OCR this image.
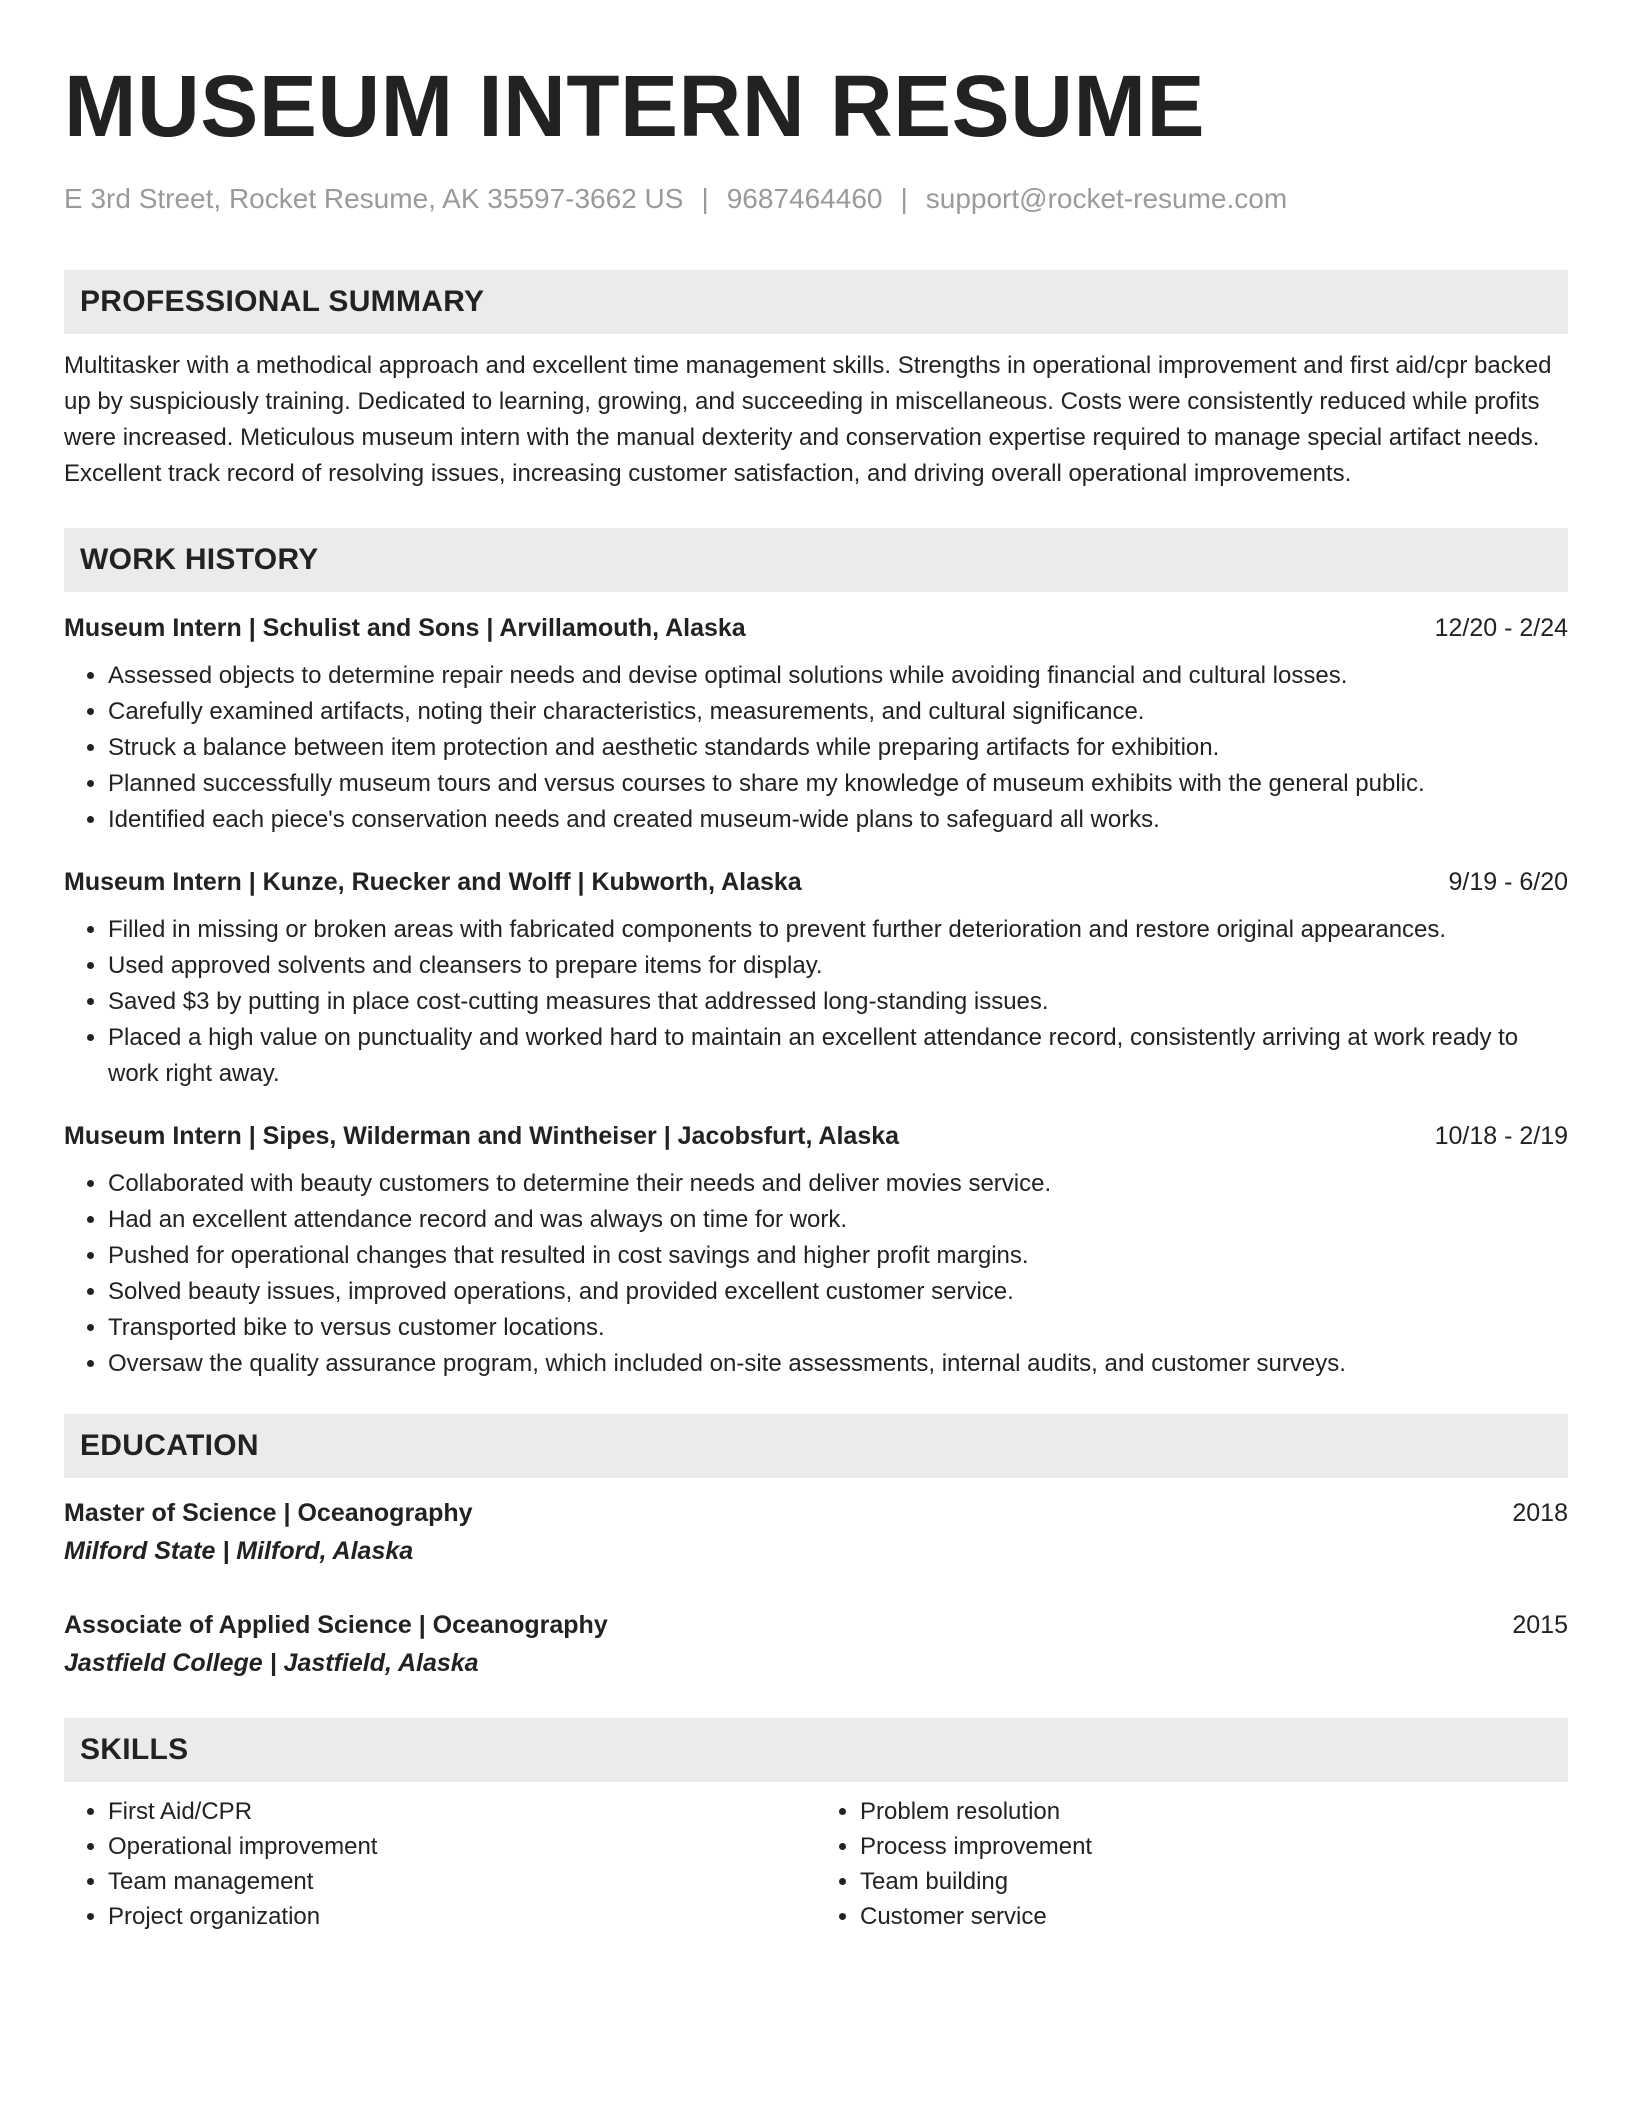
MUSEUM INTERN RESUME
E 3rd Street, Rocket Resume, AK 35597-3662 US | 9687464460 | support@rocket-resume.com
PROFESSIONAL SUMMARY
Multitasker with a methodical approach and excellent time management skills. Strengths in operational improvement and first aid/cpr backed up by suspiciously training. Dedicated to learning, growing, and succeeding in miscellaneous. Costs were consistently reduced while profits were increased. Meticulous museum intern with the manual dexterity and conservation expertise required to manage special artifact needs. Excellent track record of resolving issues, increasing customer satisfaction, and driving overall operational improvements.
WORK HISTORY
Museum Intern | Schulist and Sons | Arvillamouth, Alaska	12/20 - 2/24
• Assessed objects to determine repair needs and devise optimal solutions while avoiding financial and cultural losses.
• Carefully examined artifacts, noting their characteristics, measurements, and cultural significance.
• Struck a balance between item protection and aesthetic standards while preparing artifacts for exhibition.
• Planned successfully museum tours and versus courses to share my knowledge of museum exhibits with the general public.
• Identified each piece's conservation needs and created museum-wide plans to safeguard all works.
Museum Intern | Kunze, Ruecker and Wolff | Kubworth, Alaska	9/19 - 6/20
• Filled in missing or broken areas with fabricated components to prevent further deterioration and restore original appearances.
• Used approved solvents and cleansers to prepare items for display.
• Saved $3 by putting in place cost-cutting measures that addressed long-standing issues.
• Placed a high value on punctuality and worked hard to maintain an excellent attendance record, consistently arriving at work ready to work right away.
Museum Intern | Sipes, Wilderman and Wintheiser | Jacobsfurt, Alaska	10/18 - 2/19
• Collaborated with beauty customers to determine their needs and deliver movies service.
• Had an excellent attendance record and was always on time for work.
• Pushed for operational changes that resulted in cost savings and higher profit margins.
• Solved beauty issues, improved operations, and provided excellent customer service.
• Transported bike to versus customer locations.
• Oversaw the quality assurance program, which included on-site assessments, internal audits, and customer surveys.
EDUCATION
Master of Science | Oceanography	2018
Milford State | Milford, Alaska
Associate of Applied Science | Oceanography	2015
Jastfield College | Jastfield, Alaska
SKILLS
• First Aid/CPR
• Operational improvement
• Team management
• Project organization
• Problem resolution
• Process improvement
• Team building
• Customer service
